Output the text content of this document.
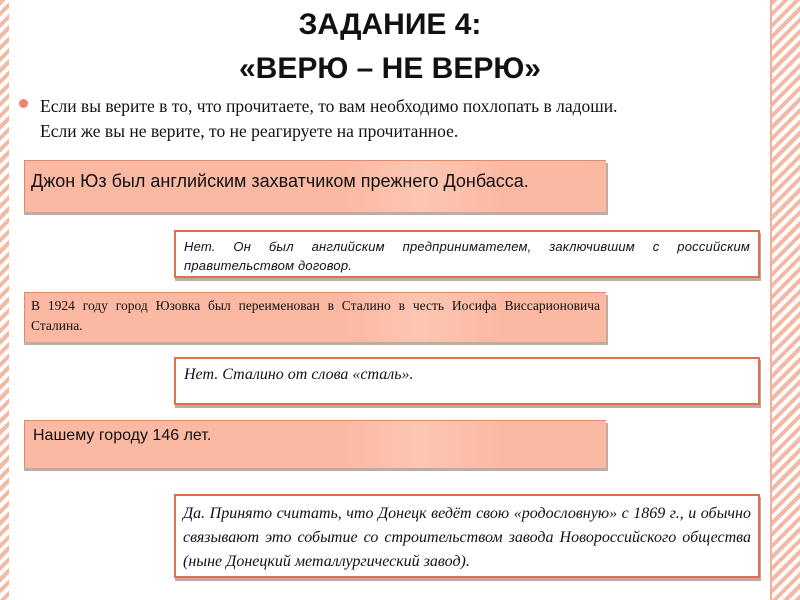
ЗАДАНИЕ 4:
«ВЕРЮ – НЕ ВЕРЮ»

Если вы верите в то, что прочитаете, то вам необходимо похлопать в ладоши.

Если же вы не верите, то не реагируете на прочитанное.

Джон Юз был английским захватчиком прежнего Донбасса.
Нет. Он был английским предпринимателем, заключившим с российским правительством договор.
В 1924 году город Юзовка был переименован в Сталино в честь Иосифа Виссарионовича Сталина.
Нет. Сталино от слова «сталь».
Нашему городу 146 лет.
Да. Принято считать, что Донецк ведёт свою «родословную» с 1869 г., и обычно связывают это событие со строительством завода Новороссийского общества (ныне Донецкий металлургический завод).
